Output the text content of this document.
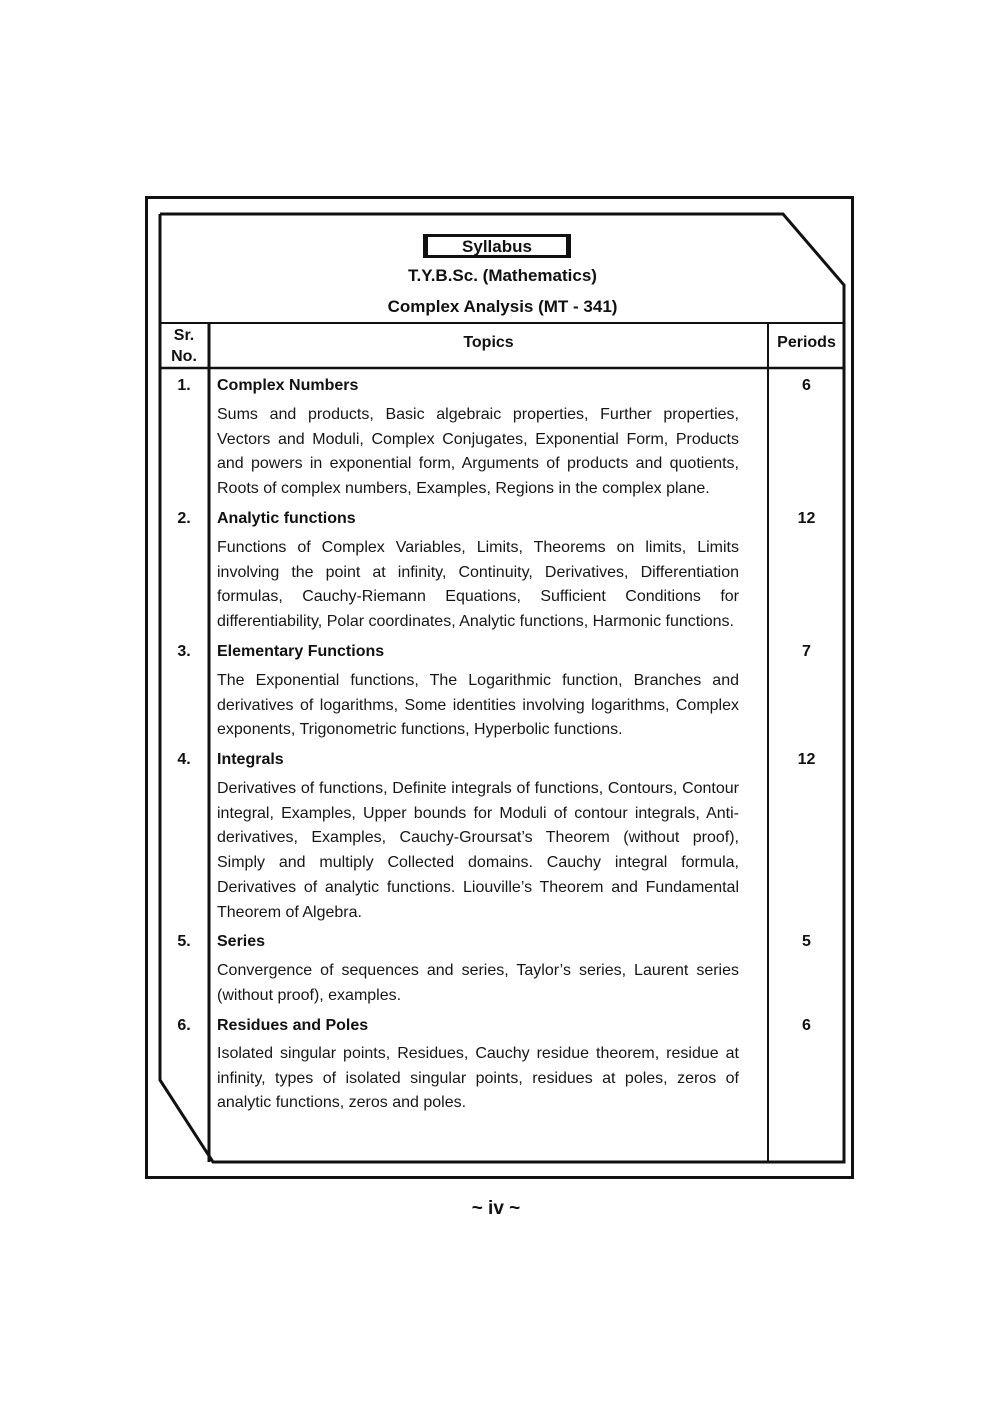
Syllabus
T.Y.B.Sc. (Mathematics)
Complex Analysis (MT - 341)
Sr.
No.
Topics	Periods
1.	Complex Numbers	6
Sums and products, Basic algebraic properties, Further properties, Vectors and Moduli, Complex Conjugates, Exponential Form, Products and powers in exponential form, Arguments of products and quotients, Roots of complex numbers, Examples, Regions in the complex plane.
2.	Analytic functions	12
Functions of Complex Variables, Limits, Theorems on limits, Limits involving the point at infinity, Continuity, Derivatives, Differentiation formulas, Cauchy-Riemann Equations, Sufficient Conditions for differentiability, Polar coordinates, Analytic functions, Harmonic functions.
3.	Elementary Functions	7
The Exponential functions, The Logarithmic function, Branches and derivatives of logarithms, Some identities involving logarithms, Complex exponents, Trigonometric functions, Hyperbolic functions.
4.	Integrals	12
Derivatives of functions, Definite integrals of functions, Contours, Contour integral, Examples, Upper bounds for Moduli of contour integrals, Anti-derivatives, Examples, Cauchy-Groursat’s Theorem (without proof), Simply and multiply Collected domains. Cauchy integral formula, Derivatives of analytic functions. Liouville’s Theorem and Fundamental Theorem of Algebra.
5.	Series	5
Convergence of sequences and series, Taylor’s series, Laurent series (without proof), examples.
6.	Residues and Poles	6
Isolated singular points, Residues, Cauchy residue theorem, residue at infinity, types of isolated singular points, residues at poles, zeros of analytic functions, zeros and poles.
~ iv ~
